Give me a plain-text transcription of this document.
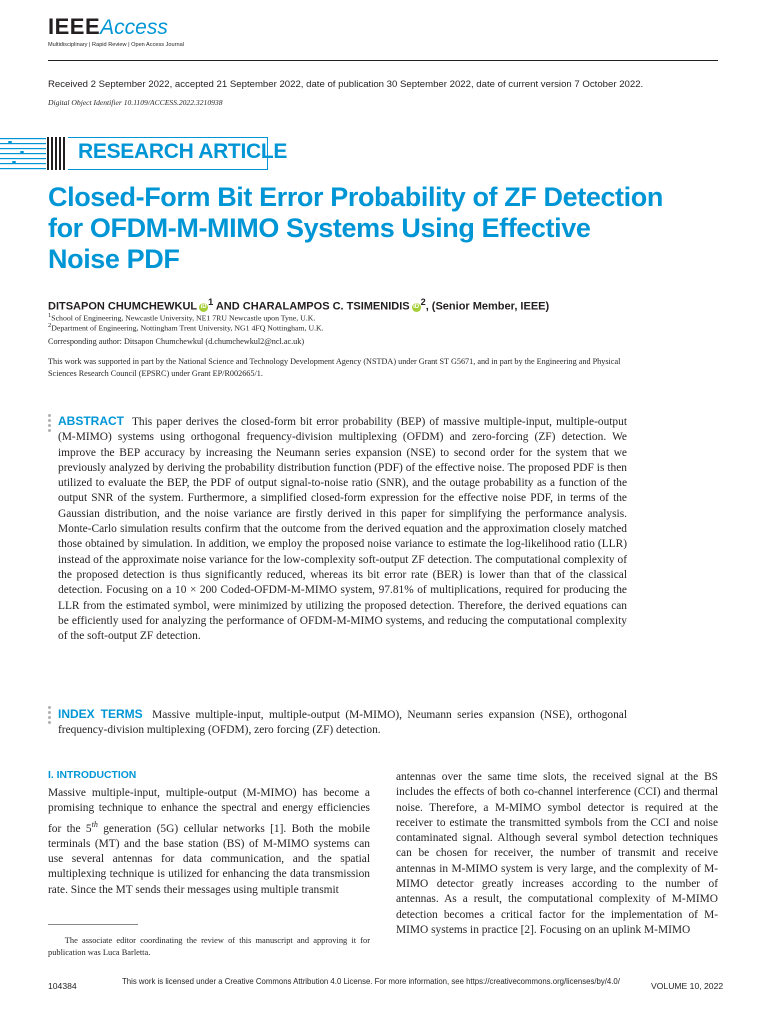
IEEEAccess
Multidisciplinary | Rapid Review | Open Access Journal
Received 2 September 2022, accepted 21 September 2022, date of publication 30 September 2022, date of current version 7 October 2022.
Digital Object Identifier 10.1109/ACCESS.2022.3210938
RESEARCH ARTICLE
Closed-Form Bit Error Probability of ZF Detection
for OFDM-M-MIMO Systems Using Effective
Noise PDF
DITSAPON CHUMCHEWKUL iD $^1$ AND CHARALAMPOS C. TSIMENIDIS iD $^2$, (Senior Member, IEEE)
$^1$School of Engineering, Newcastle University, NE1 7RU Newcastle upon Tyne, U.K.
$^2$Department of Engineering, Nottingham Trent University, NG1 4FQ Nottingham, U.K.
Corresponding author: Ditsapon Chumchewkul (d.chumchewkul2@ncl.ac.uk)
This work was supported in part by the National Science and Technology Development Agency (NSTDA) under Grant ST G5671, and in part by the Engineering and Physical Sciences Research Council (EPSRC) under Grant EP/R002665/1.
ABSTRACT This paper derives the closed-form bit error probability (BEP) of massive multiple-input, multiple-output (M-MIMO) systems using orthogonal frequency-division multiplexing (OFDM) and zero-forcing (ZF) detection. We improve the BEP accuracy by increasing the Neumann series expansion (NSE) to second order for the system that we previously analyzed by deriving the probability distribution function (PDF) of the effective noise. The proposed PDF is then utilized to evaluate the BEP, the PDF of output signal-to-noise ratio (SNR), and the outage probability as a function of the output SNR of the system. Furthermore, a simplified closed-form expression for the effective noise PDF, in terms of the Gaussian distribution, and the noise variance are firstly derived in this paper for simplifying the performance analysis. Monte-Carlo simulation results confirm that the outcome from the derived equation and the approximation closely matched those obtained by simulation. In addition, we employ the proposed noise variance to estimate the log-likelihood ratio (LLR) instead of the approximate noise variance for the low-complexity soft-output ZF detection. The computational complexity of the proposed detection is thus significantly reduced, whereas its bit error rate (BER) is lower than that of the classical detection. Focusing on a 10 × 200 Coded-OFDM-M-MIMO system, 97.81% of multiplications, required for producing the LLR from the estimated symbol, were minimized by utilizing the proposed detection. Therefore, the derived equations can be efficiently used for analyzing the performance of OFDM-M-MIMO systems, and reducing the computational complexity of the soft-output ZF detection.
INDEX TERMS Massive multiple-input, multiple-output (M-MIMO), Neumann series expansion (NSE), orthogonal frequency-division multiplexing (OFDM), zero forcing (ZF) detection.
I. INTRODUCTION
Massive multiple-input, multiple-output (M-MIMO) has become a promising technique to enhance the spectral and energy efficiencies for the 5th generation (5G) cellular networks [1]. Both the mobile terminals (MT) and the base station (BS) of M-MIMO systems can use several antennas for data communication, and the spatial multiplexing technique is utilized for enhancing the data transmission rate. Since the MT sends their messages using multiple transmit
antennas over the same time slots, the received signal at the BS includes the effects of both co-channel interference (CCI) and thermal noise. Therefore, a M-MIMO symbol detector is required at the receiver to estimate the transmitted symbols from the CCI and noise contaminated signal. Although several symbol detection techniques can be chosen for receiver, the number of transmit and receive antennas in M-MIMO system is very large, and the complexity of M-MIMO detector greatly increases according to the number of antennas. As a result, the computational complexity of M-MIMO detection becomes a critical factor for the implementation of M-MIMO systems in practice [2]. Focusing on an uplink M-MIMO
The associate editor coordinating the review of this manuscript and approving it for publication was Luca Barletta.
104384	This work is licensed under a Creative Commons Attribution 4.0 License. For more information, see https://creativecommons.org/licenses/by/4.0/	VOLUME 10, 2022
